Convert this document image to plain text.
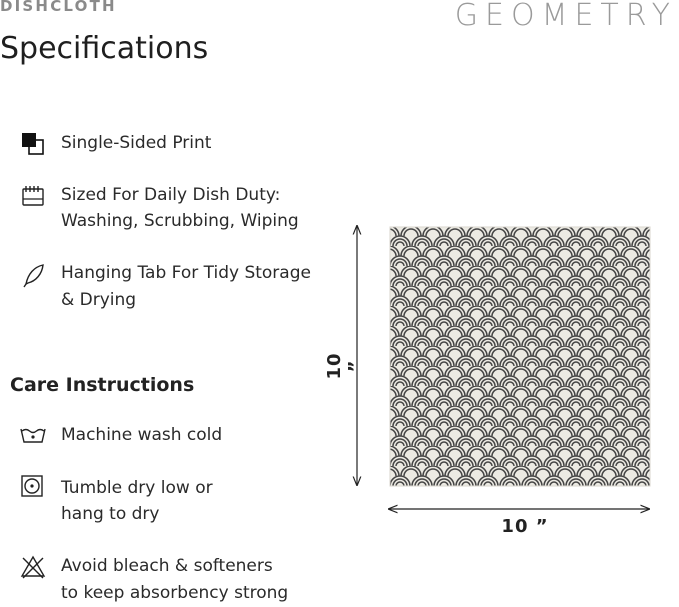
DISHCLOTH	GEOMETRY
Specifications
Single-Sided Print
Sized For Daily Dish Duty:
Washing, Scrubbing, Wiping
Hanging Tab For Tidy Storage
& Drying
Care Instructions
Machine wash cold
Tumble dry low or
hang to dry
Avoid bleach & softeners
to keep absorbency strong
10 ”
10 ”
